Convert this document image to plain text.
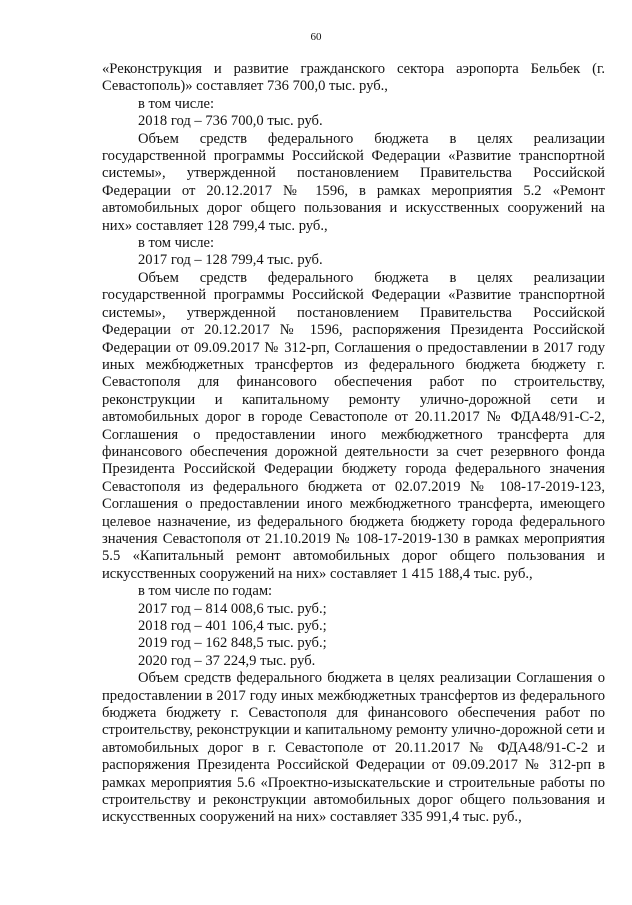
60

«Реконструкция и развитие гражданского сектора аэропорта Бельбек (г. Севастополь)» составляет 736 700,0 тыс. руб.,

в том числе:

2018 год – 736 700,0 тыс. руб.

Объем средств федерального бюджета в целях реализации государственной программы Российской Федерации «Развитие транспортной системы», утвержденной постановлением Правительства Российской Федерации от 20.12.2017 № 1596, в рамках мероприятия 5.2 «Ремонт автомобильных дорог общего пользования и искусственных сооружений на них» составляет 128 799,4 тыс. руб.,

в том числе:

2017 год – 128 799,4 тыс. руб.

Объем средств федерального бюджета в целях реализации государственной программы Российской Федерации «Развитие транспортной системы», утвержденной постановлением Правительства Российской Федерации от 20.12.2017 № 1596, распоряжения Президента Российской Федерации от 09.09.2017 № 312-рп, Соглашения о предоставлении в 2017 году иных межбюджетных трансфертов из федерального бюджета бюджету г. Севастополя для финансового обеспечения работ по строительству, реконструкции и капитальному ремонту улично-дорожной сети и автомобильных дорог в городе Севастополе от 20.11.2017 № ФДА48/91-С-2, Соглашения о предоставлении иного межбюджетного трансферта для финансового обеспечения дорожной деятельности за счет резервного фонда Президента Российской Федерации бюджету города федерального значения Севастополя из федерального бюджета от 02.07.2019 № 108-17-2019-123, Соглашения о предоставлении иного межбюджетного трансферта, имеющего целевое назначение, из федерального бюджета бюджету города федерального значения Севастополя от 21.10.2019 № 108-17-2019-130 в рамках мероприятия 5.5 «Капитальный ремонт автомобильных дорог общего пользования и искусственных сооружений на них» составляет 1 415 188,4 тыс. руб.,

в том числе по годам:

2017 год – 814 008,6 тыс. руб.;

2018 год – 401 106,4 тыс. руб.;

2019 год – 162 848,5 тыс. руб.;

2020 год – 37 224,9 тыс. руб.

Объем средств федерального бюджета в целях реализации Соглашения о предоставлении в 2017 году иных межбюджетных трансфертов из федерального бюджета бюджету г. Севастополя для финансового обеспечения работ по строительству, реконструкции и капитальному ремонту улично-дорожной сети и автомобильных дорог в г. Севастополе от 20.11.2017 № ФДА48/91-С-2 и распоряжения Президента Российской Федерации от 09.09.2017 № 312-рп в рамках мероприятия 5.6 «Проектно-изыскательские и строительные работы по строительству и реконструкции автомобильных дорог общего пользования и искусственных сооружений на них» составляет 335 991,4 тыс. руб.,
